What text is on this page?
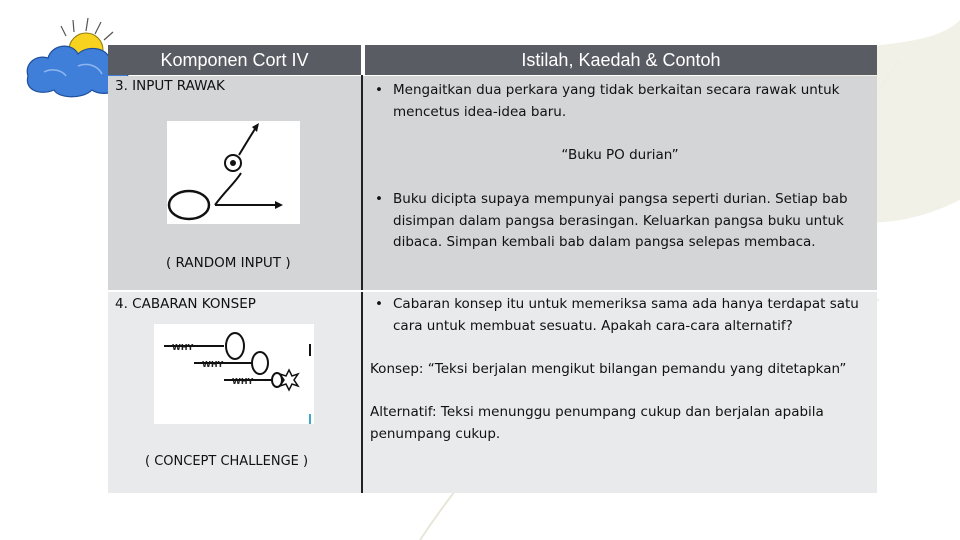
Komponen Cort IV	Istilah, Kaedah & Contoh
3. INPUT RAWAK
( RANDOM INPUT )
• Mengaitkan dua perkara yang tidak berkaitan secara rawak untuk mencetus idea-idea baru.
“Buku PO durian”
• Buku dicipta supaya mempunyai pangsa seperti durian. Setiap bab disimpan dalam pangsa berasingan. Keluarkan pangsa buku untuk dibaca. Simpan kembali bab dalam pangsa selepas membaca.
4. CABARAN KONSEP
WHY
WHY
WHY
( CONCEPT CHALLENGE )
• Cabaran konsep itu untuk memeriksa sama ada hanya terdapat satu cara untuk membuat sesuatu. Apakah cara-cara alternatif?
Konsep: “Teksi berjalan mengikut bilangan pemandu yang ditetapkan”
Alternatif: Teksi menunggu penumpang cukup dan berjalan apabila penumpang cukup.
